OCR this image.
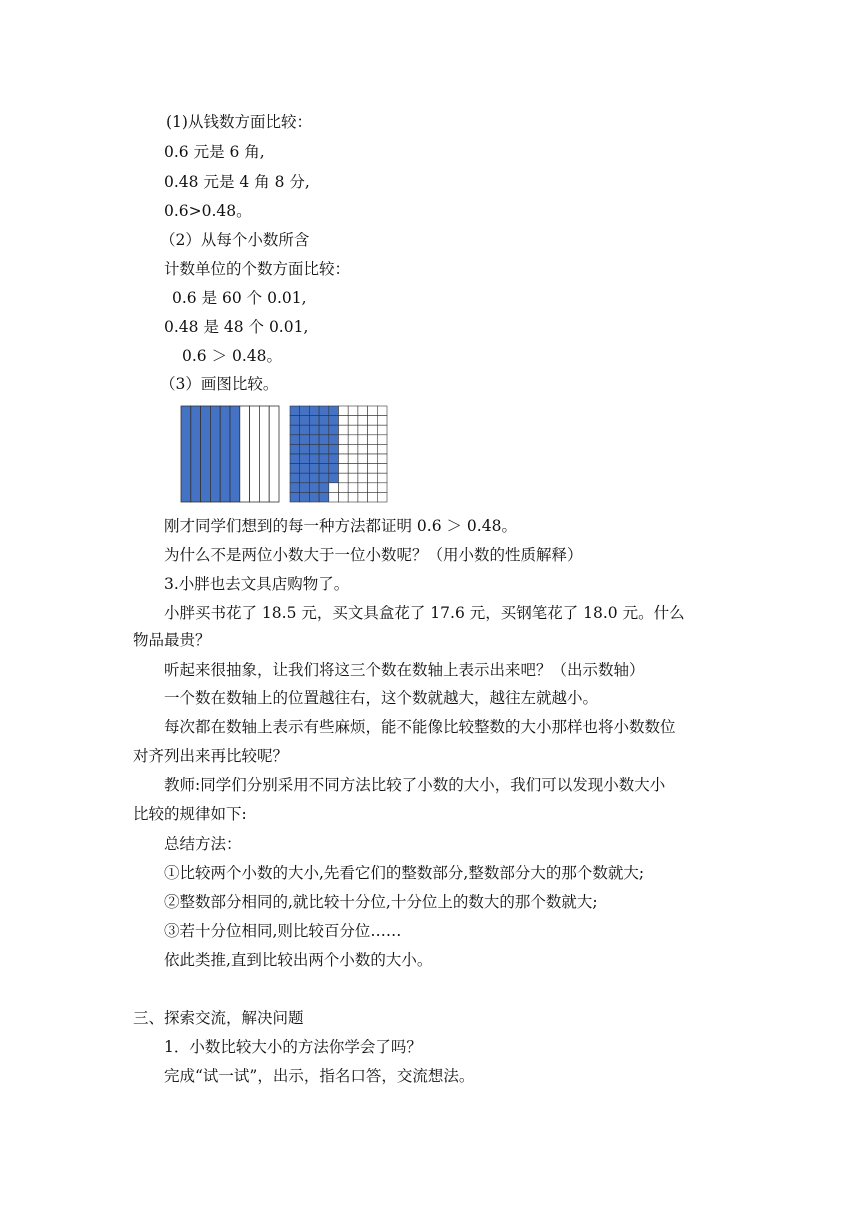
(1)从钱数方面比较：

0.6 元是 6 角,

0.48 元是 4 角 8 分,

0.6>0.48。

（2）从每个小数所含

计数单位的个数方面比较：

0.6 是 60 个 0.01,

0.48 是 48 个 0.01,

0.6 ＞ 0.48。

（3）画图比较。

刚才同学们想到的每一种方法都证明 0.6 ＞ 0.48。

为什么不是两位小数大于一位小数呢？（用小数的性质解释）

3.小胖也去文具店购物了。

小胖买书花了 18.5 元，买文具盒花了 17.6 元，买钢笔花了 18.0 元。什么

物品最贵？

听起来很抽象，让我们将这三个数在数轴上表示出来吧？（出示数轴）

一个数在数轴上的位置越往右，这个数就越大，越往左就越小。

每次都在数轴上表示有些麻烦，能不能像比较整数的大小那样也将小数数位

对齐列出来再比较呢？

教师:同学们分别采用不同方法比较了小数的大小，我们可以发现小数大小

比较的规律如下:

总结方法：

①比较两个小数的大小,先看它们的整数部分,整数部分大的那个数就大;

②整数部分相同的,就比较十分位,十分位上的数大的那个数就大;

③若十分位相同,则比较百分位……

依此类推,直到比较出两个小数的大小。

三、探索交流，解决问题

1．小数比较大小的方法你学会了吗？

完成“试一试”，出示，指名口答，交流想法。
